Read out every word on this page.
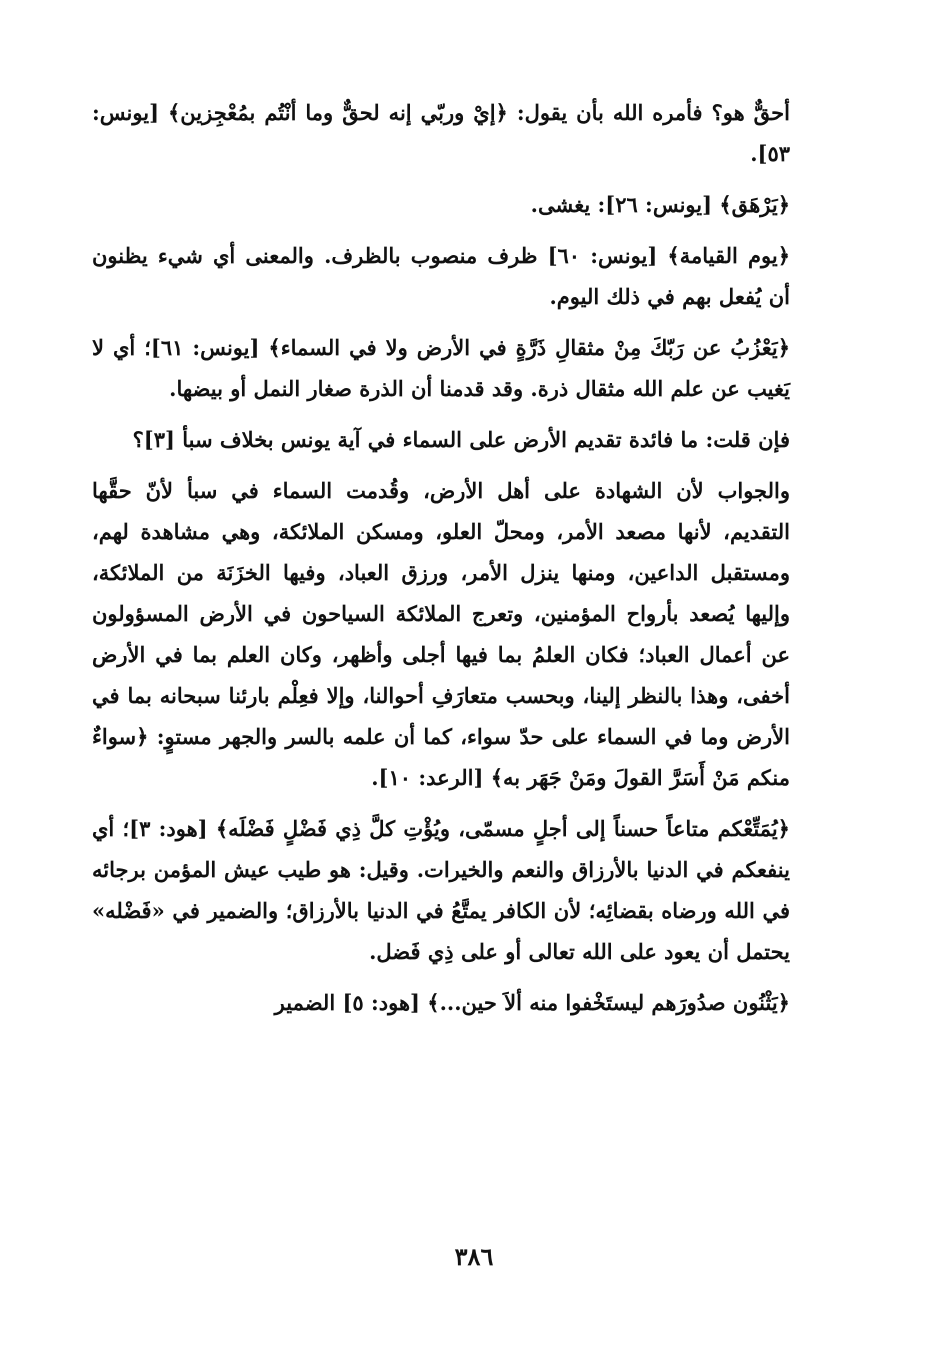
أحقٌّ هو؟ فأمره الله بأن يقول: ﴿إيْ وربّي إنه لحقٌّ وما أنْتُم بمُعْجِزين﴾ [يونس: ٥٣].

﴿يَرْهَق﴾ [يونس: ٢٦]: يغشى.

﴿يوم القيامة﴾ [يونس: ٦٠] ظرف منصوب بالظرف. والمعنى أي شيء يظنون أن يُفعل بهم في ذلك اليوم.

﴿يَعْزُبُ عن رَبّكَ مِنْ مثقالِ ذَرَّةٍ في الأرض ولا في السماء﴾ [يونس: ٦١]؛ أي لا يَغيب عن علم الله مثقال ذرة. وقد قدمنا أن الذرة صغار النمل أو بيضها.

فإن قلت: ما فائدة تقديم الأرض على السماء في آية يونس بخلاف سبأ [٣]؟

والجواب لأن الشهادة على أهل الأرض، وقُدمت السماء في سبأ لأنّ حقَّها التقديم، لأنها مصعد الأمر، ومحلّ العلو، ومسكن الملائكة، وهي مشاهدة لهم، ومستقبل الداعين، ومنها ينزل الأمر، ورزق العباد، وفيها الخزَنَة من الملائكة، وإليها يُصعد بأرواح المؤمنين، وتعرج الملائكة السياحون في الأرض المسؤولون عن أعمال العباد؛ فكان العلمُ بما فيها أجلى وأظهر، وكان العلم بما في الأرض أخفى، وهذا بالنظر إلينا، وبحسب متعارَفِ أحوالنا، وإلا فعِلْم بارئنا سبحانه بما في الأرض وما في السماء على حدّ سواء، كما أن علمه بالسر والجهر مستوٍ: ﴿سواءٌ منكم مَنْ أَسَرَّ القولَ ومَنْ جَهَر به﴾ [الرعد: ١٠].

﴿يُمَتِّعْكم متاعاً حسناً إلى أجلٍ مسمّى، ويُؤْتِ كلَّ ذِي فَضْلٍ فَضْلَه﴾ [هود: ٣]؛ أي ينفعكم في الدنيا بالأرزاق والنعم والخيرات. وقيل: هو طيب عيش المؤمن برجائه في الله ورضاه بقضائِه؛ لأن الكافر يمتَّعُ في الدنيا بالأرزاق؛ والضمير في «فَضْله» يحتمل أن يعود على الله تعالى أو على ذِي فَضل.

﴿يَثْنُون صدُورَهم ليستَخْفوا منه ألاَ حين...﴾ [هود: ٥] الضمير

٣٨٦
